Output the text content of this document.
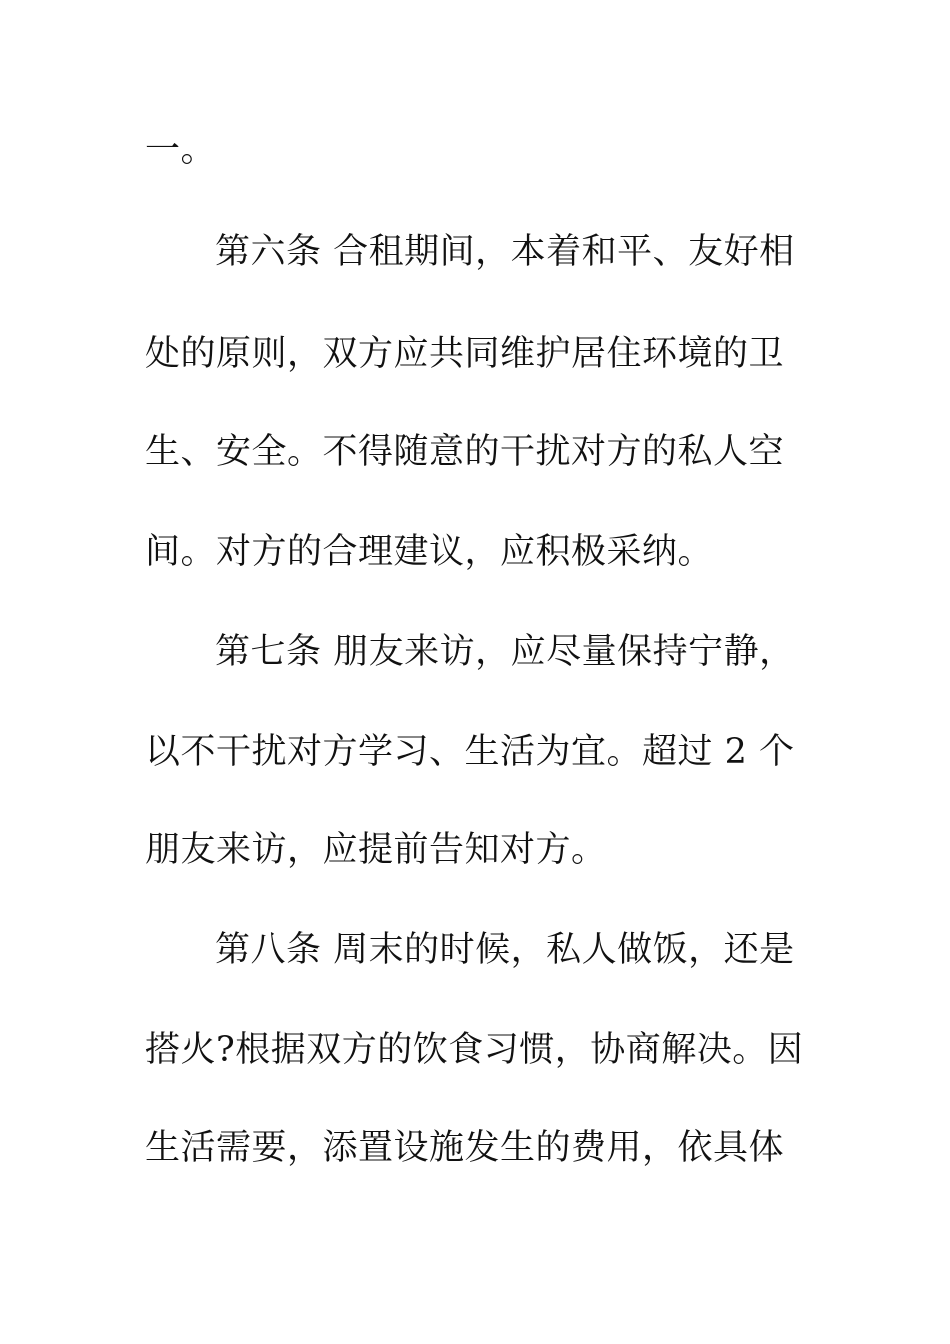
一。
第六条 合租期间，本着和平、友好相
处的原则，双方应共同维护居住环境的卫
生、安全。不得随意的干扰对方的私人空
间。对方的合理建议，应积极采纳。
第七条 朋友来访，应尽量保持宁静，
以不干扰对方学习、生活为宜。超过 2 个
朋友来访，应提前告知对方。
第八条 周末的时候，私人做饭，还是
搭火?根据双方的饮食习惯，协商解决。因
生活需要，添置设施发生的费用，依具体
